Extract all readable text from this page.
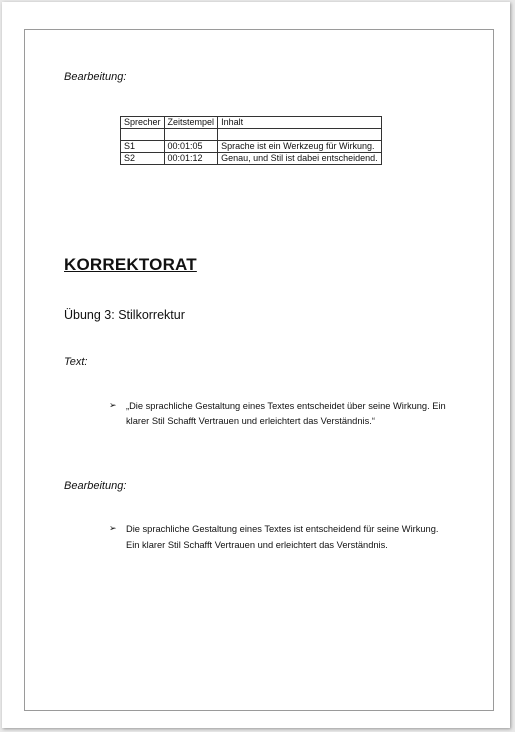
Bearbeitung:
Sprecher	Zeitstempel	Inhalt

S1	00:01:05	Sprache ist ein Werkzeug für Wirkung.
S2	00:01:12	Genau, und Stil ist dabei entscheidend.
KORREKTORAT
Übung 3: Stilkorrektur
Text:
➢ „Die sprachliche Gestaltung eines Textes entscheidet über seine Wirkung. Ein
klarer Stil Schafft Vertrauen und erleichtert das Verständnis.“
Bearbeitung:
➢ Die sprachliche Gestaltung eines Textes ist entscheidend für seine Wirkung.
Ein klarer Stil Schafft Vertrauen und erleichtert das Verständnis.
